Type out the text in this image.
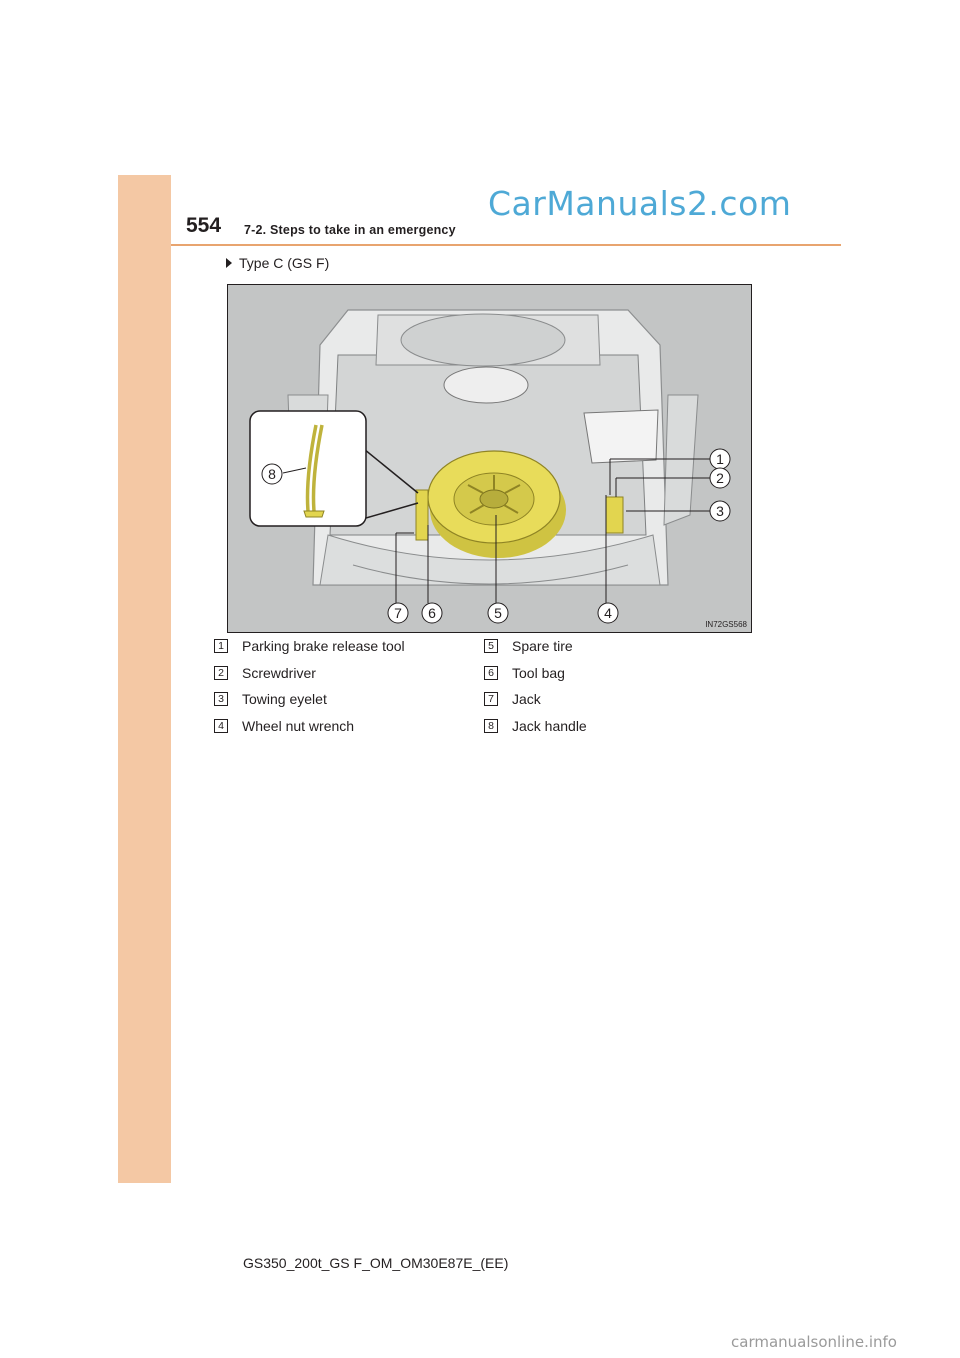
554 7-2. Steps to take in an emergency
CarManuals2.com
Type C (GS F)
1
2
3
4
5
6
7
8
IN72GS568
1 Parking brake release tool
2 Screwdriver
3 Towing eyelet
4 Wheel nut wrench
5 Spare tire
6 Tool bag
7 Jack
8 Jack handle
GS350_200t_GS F_OM_OM30E87E_(EE)
carmanualsonline.info
